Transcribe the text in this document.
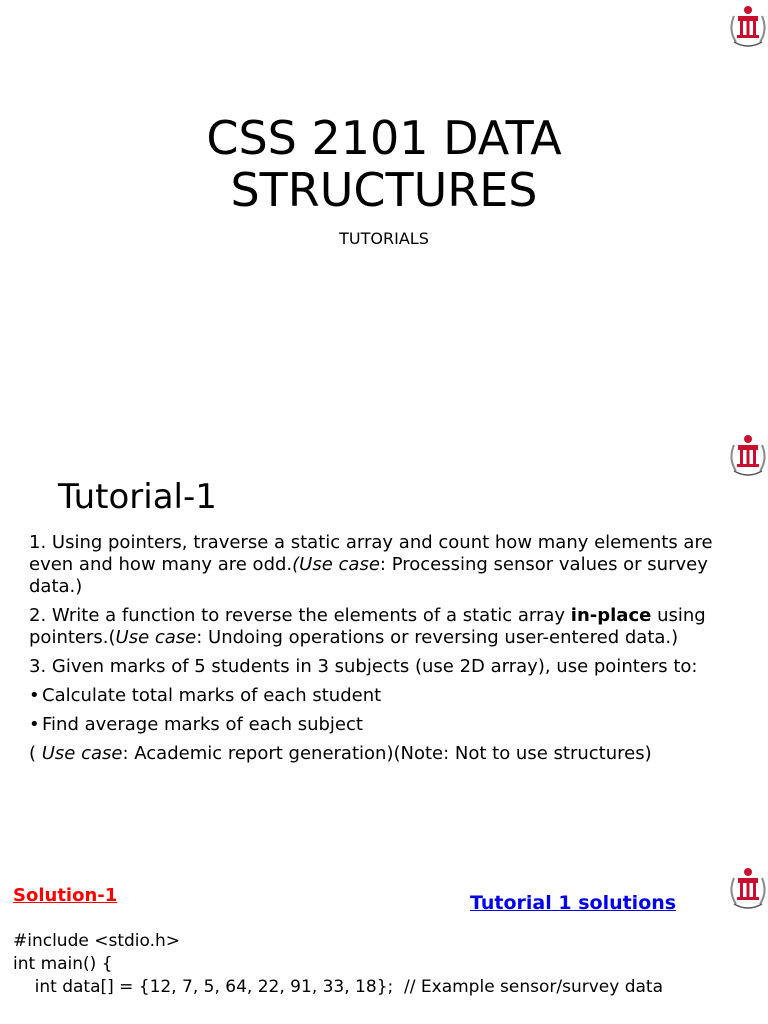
CSS 2101 DATA
STRUCTURES
TUTORIALS
Tutorial-1

1. Using pointers, traverse a static array and count how many elements are even and how many are odd.(Use case: Processing sensor values or survey data.)

2. Write a function to reverse the elements of a static array in-place using pointers.(Use case: Undoing operations or reversing user-entered data.)

3. Given marks of 5 students in 3 subjects (use 2D array), use pointers to:

• Calculate total marks of each student
• Find average marks of each subject

( Use case: Academic report generation)(Note: Not to use structures)

Solution-1	Tutorial 1 solutions
#include <stdio.h>
int main() {
int data[] = {12, 7, 5, 64, 22, 91, 33, 18};  // Example sensor/survey data
